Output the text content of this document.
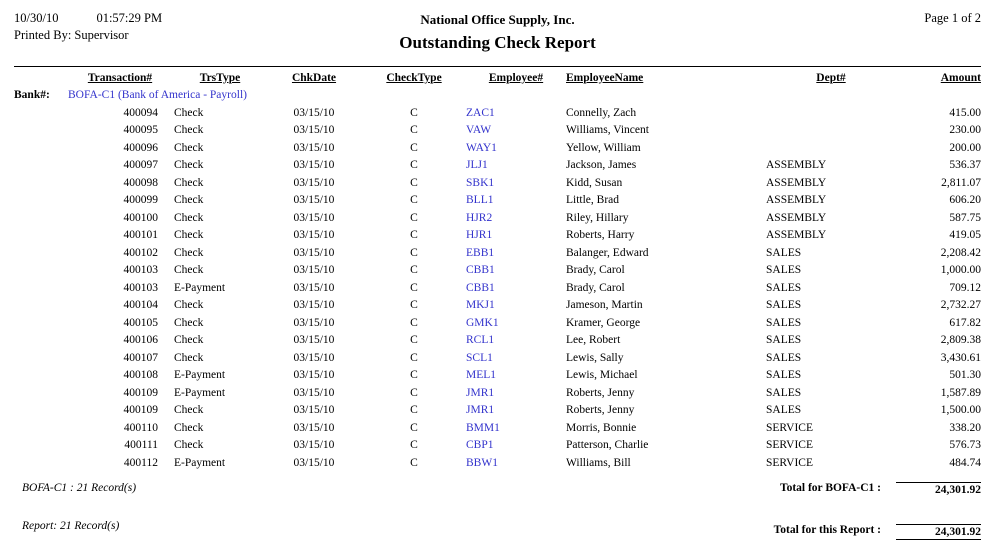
10/30/10	01:57:29 PM
Printed By: Supervisor
National Office Supply, Inc.
Outstanding Check Report
Page 1 of 2
	Transaction#	TrsType	ChkDate	CheckType	Employee#	EmployeeName	Dept#	Amount
Bank#:	BOFA-C1 (Bank of America - Payroll)							
	400094	Check	03/15/10	C	ZAC1	Connelly, Zach		415.00
	400095	Check	03/15/10	C	VAW	Williams, Vincent		230.00
	400096	Check	03/15/10	C	WAY1	Yellow, William		200.00
	400097	Check	03/15/10	C	JLJ1	Jackson, James	ASSEMBLY	536.37
	400098	Check	03/15/10	C	SBK1	Kidd, Susan	ASSEMBLY	2,811.07
	400099	Check	03/15/10	C	BLL1	Little, Brad	ASSEMBLY	606.20
	400100	Check	03/15/10	C	HJR2	Riley, Hillary	ASSEMBLY	587.75
	400101	Check	03/15/10	C	HJR1	Roberts, Harry	ASSEMBLY	419.05
	400102	Check	03/15/10	C	EBB1	Balanger, Edward	SALES	2,208.42
	400103	Check	03/15/10	C	CBB1	Brady, Carol	SALES	1,000.00
	400103	E-Payment	03/15/10	C	CBB1	Brady, Carol	SALES	709.12
	400104	Check	03/15/10	C	MKJ1	Jameson, Martin	SALES	2,732.27
	400105	Check	03/15/10	C	GMK1	Kramer, George	SALES	617.82
	400106	Check	03/15/10	C	RCL1	Lee, Robert	SALES	2,809.38
	400107	Check	03/15/10	C	SCL1	Lewis, Sally	SALES	3,430.61
	400108	E-Payment	03/15/10	C	MEL1	Lewis, Michael	SALES	501.30
	400109	E-Payment	03/15/10	C	JMR1	Roberts, Jenny	SALES	1,587.89
	400109	Check	03/15/10	C	JMR1	Roberts, Jenny	SALES	1,500.00
	400110	Check	03/15/10	C	BMM1	Morris, Bonnie	SERVICE	338.20
	400111	Check	03/15/10	C	CBP1	Patterson, Charlie	SERVICE	576.73
	400112	E-Payment	03/15/10	C	BBW1	Williams, Bill	SERVICE	484.74
BOFA-C1 : 21 Record(s)	Total for BOFA-C1 :	24,301.92
Report: 21 Record(s)	Total for this Report :	24,301.92
